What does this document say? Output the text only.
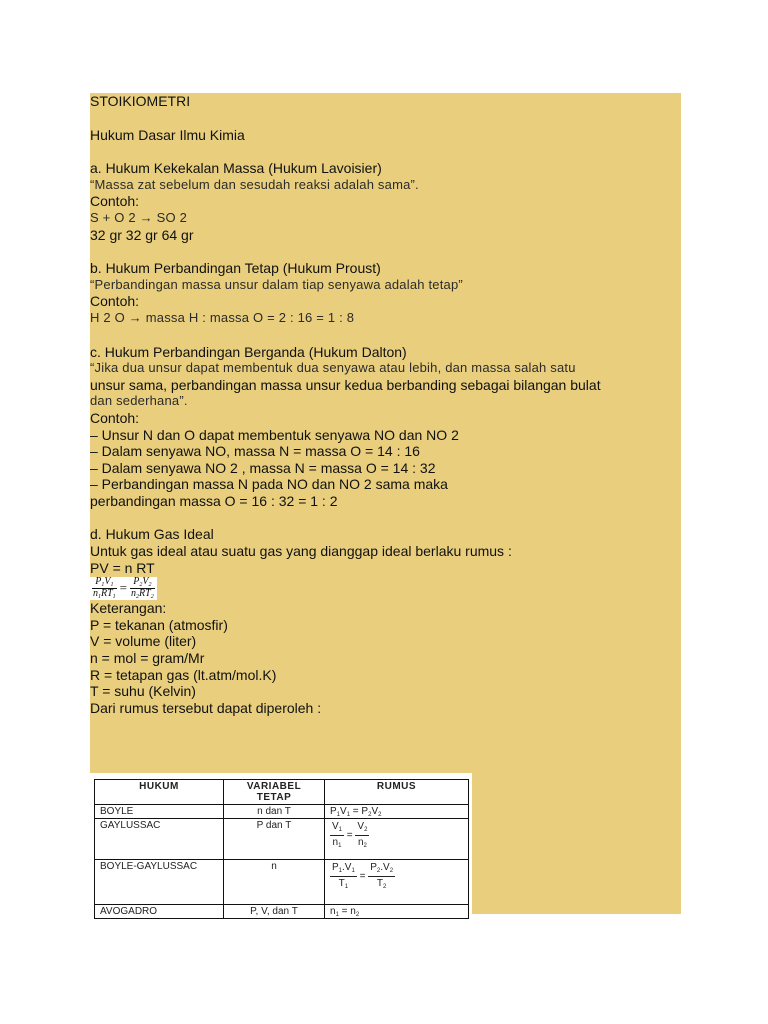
STOIKIOMETRI

Hukum Dasar Ilmu Kimia

a. Hukum Kekekalan Massa (Hukum Lavoisier)

“Massa zat sebelum dan sesudah reaksi adalah sama”.

Contoh:

S + O 2 → SO 2

32 gr 32 gr 64 gr

b. Hukum Perbandingan Tetap (Hukum Proust)

“Perbandingan massa unsur dalam tiap senyawa adalah tetap”

Contoh:

H 2 O → massa H : massa O = 2 : 16 = 1 : 8

c. Hukum Perbandingan Berganda (Hukum Dalton)

“Jika dua unsur dapat membentuk dua senyawa atau lebih, dan massa salah satu

unsur sama, perbandingan massa unsur kedua berbanding sebagai bilangan bulat

dan sederhana”.

Contoh:

– Unsur N dan O dapat membentuk senyawa NO dan NO 2

– Dalam senyawa NO, massa N = massa O = 14 : 16

– Dalam senyawa NO 2 , massa N = massa O = 14 : 32

– Perbandingan massa N pada NO dan NO 2 sama maka

perbandingan massa O = 16 : 32 = 1 : 2

d. Hukum Gas Ideal

Untuk gas ideal atau suatu gas yang dianggap ideal berlaku rumus :

PV = n RT

$\frac{P_1V_1}{n_1RT_1} = \frac{P_2V_2}{n_2RT_2}$

Keterangan:

P = tekanan (atmosfir)

V = volume (liter)

n = mol = gram/Mr

R = tetapan gas (lt.atm/mol.K)

T = suhu (Kelvin)

Dari rumus tersebut dapat diperoleh :

HUKUM	VARIABEL TETAP	RUMUS
BOYLE	n dan T	$P_1V_1 = P_2V_2$
GAYLUSSAC	P dan T	$\frac{V_1}{n_1} = \frac{V_2}{n_2}$

BOYLE-GAYLUSSAC	n	$\frac{P_1.V_1}{T_1} = \frac{P_2.V_2}{T_2}$

AVOGADRO	P, V, dan T	$n_1 = n_2$
